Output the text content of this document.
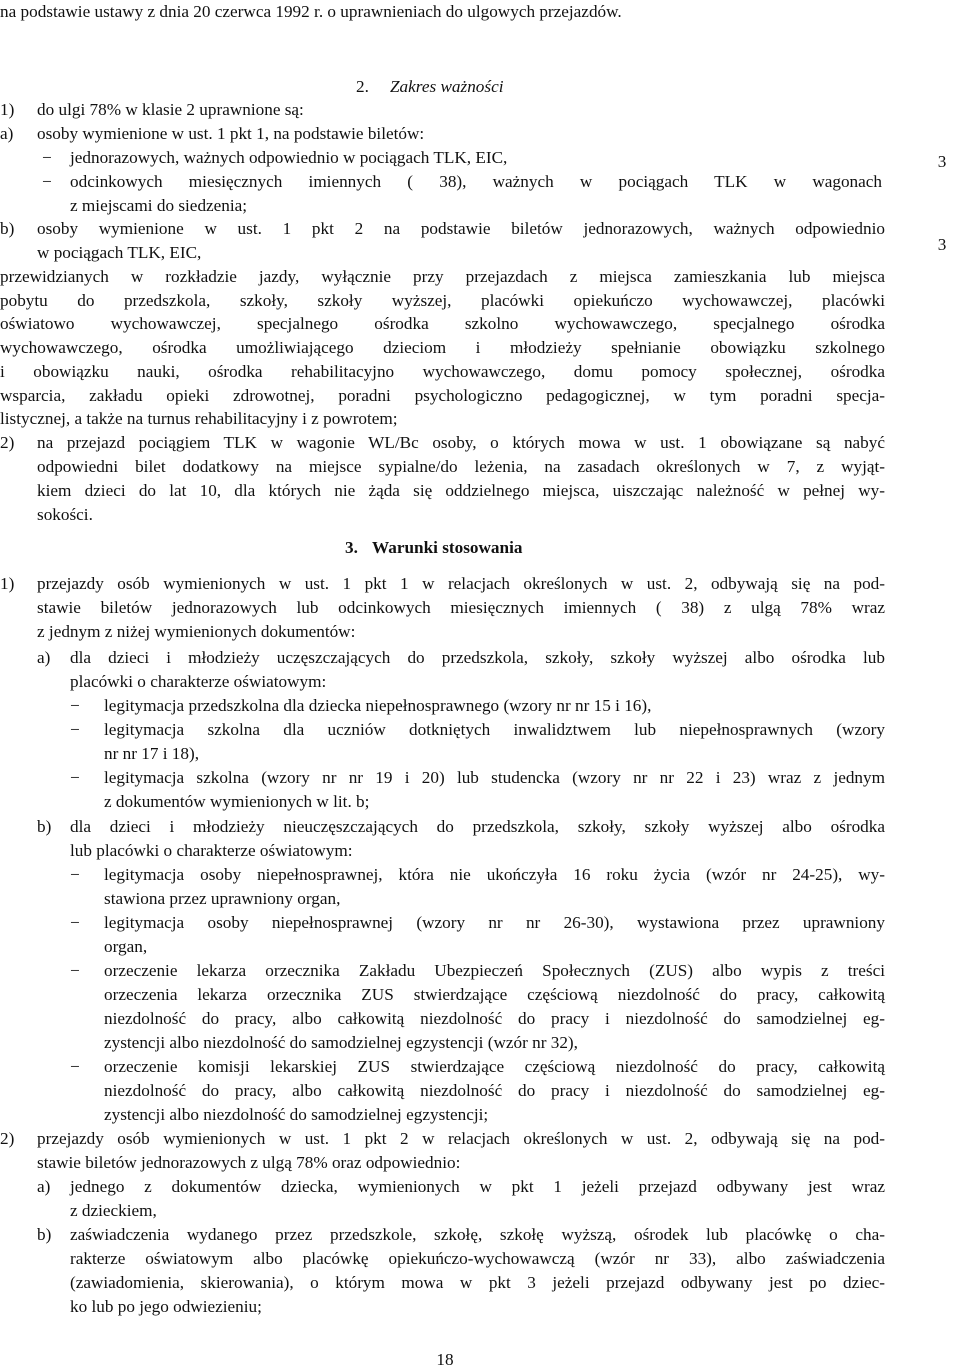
na podstawie ustawy z dnia 20 czerwca 1992 r. o uprawnieniach do ulgowych przejazdów.
2. Zakres ważności
1) do ulgi 78% w klasie 2 uprawnione są:
a) osoby wymienione w ust. 1 pkt 1, na podstawie biletów:
− jednorazowych, ważnych odpowiednio w pociągach TLK, EIC,
− odcinkowych miesięcznych imiennych ( 38), ważnych w pociągach TLK w wagonach
z miejscami do siedzenia;
b) osoby wymienione w ust. 1 pkt 2 na podstawie biletów jednorazowych, ważnych odpowiednio
w pociągach TLK, EIC,
przewidzianych w rozkładzie jazdy, wyłącznie przy przejazdach z miejsca zamieszkania lub miejsca
pobytu do przedszkola, szkoły, szkoły wyższej, placówki opiekuńczo wychowawczej, placówki
oświatowo wychowawczej, specjalnego ośrodka szkolno wychowawczego, specjalnego ośrodka
wychowawczego, ośrodka umożliwiającego dzieciom i młodzieży spełnianie obowiązku szkolnego
i obowiązku nauki, ośrodka rehabilitacyjno wychowawczego, domu pomocy społecznej, ośrodka
wsparcia, zakładu opieki zdrowotnej, poradni psychologiczno pedagogicznej, w tym poradni specja-
listycznej, a także na turnus rehabilitacyjny i z powrotem;
2) na przejazd pociągiem TLK w wagonie WL/Bc osoby, o których mowa w ust. 1 obowiązane są nabyć
odpowiedni bilet dodatkowy na miejsce sypialne/do leżenia, na zasadach określonych w 7, z wyjąt-
kiem dzieci do lat 10, dla których nie żąda się oddzielnego miejsca, uiszczając należność w pełnej wy-
sokości.
3. Warunki stosowania
1) przejazdy osób wymienionych w ust. 1 pkt 1 w relacjach określonych w ust. 2, odbywają się na pod-
stawie biletów jednorazowych lub odcinkowych miesięcznych imiennych ( 38) z ulgą 78% wraz
z jednym z niżej wymienionych dokumentów:
a) dla dzieci i młodzieży uczęszczających do przedszkola, szkoły, szkoły wyższej albo ośrodka lub
placówki o charakterze oświatowym:
− legitymacja przedszkolna dla dziecka niepełnosprawnego (wzory nr nr 15 i 16),
− legitymacja szkolna dla uczniów dotkniętych inwalidztwem lub niepełnosprawnych (wzory
nr nr 17 i 18),
− legitymacja szkolna (wzory nr nr 19 i 20) lub studencka (wzory nr nr 22 i 23) wraz z jednym
z dokumentów wymienionych w lit. b;
b) dla dzieci i młodzieży nieuczęszczających do przedszkola, szkoły, szkoły wyższej albo ośrodka
lub placówki o charakterze oświatowym:
− legitymacja osoby niepełnosprawnej, która nie ukończyła 16 roku życia (wzór nr 24-25), wy-
stawiona przez uprawniony organ,
− legitymacja osoby niepełnosprawnej (wzory nr nr 26-30), wystawiona przez uprawniony
organ,
− orzeczenie lekarza orzecznika Zakładu Ubezpieczeń Społecznych (ZUS) albo wypis z treści
orzeczenia lekarza orzecznika ZUS stwierdzające częściową niezdolność do pracy, całkowitą
niezdolność do pracy, albo całkowitą niezdolność do pracy i niezdolność do samodzielnej eg-
zystencji albo niezdolność do samodzielnej egzystencji (wzór nr 32),
− orzeczenie komisji lekarskiej ZUS stwierdzające częściową niezdolność do pracy, całkowitą
niezdolność do pracy, albo całkowitą niezdolność do pracy i niezdolność do samodzielnej eg-
zystencji albo niezdolność do samodzielnej egzystencji;
2) przejazdy osób wymienionych w ust. 1 pkt 2 w relacjach określonych w ust. 2, odbywają się na pod-
stawie biletów jednorazowych z ulgą 78% oraz odpowiednio:
a) jednego z dokumentów dziecka, wymienionych w pkt 1 jeżeli przejazd odbywany jest wraz
z dzieckiem,
b) zaświadczenia wydanego przez przedszkole, szkołę, szkołę wyższą, ośrodek lub placówkę o cha-
rakterze oświatowym albo placówkę opiekuńczo-wychowawczą (wzór nr 33), albo zaświadczenia
(zawiadomienia, skierowania), o którym mowa w pkt 3 jeżeli przejazd odbywany jest po dziec-
ko lub po jego odwiezieniu;
3
3
18
